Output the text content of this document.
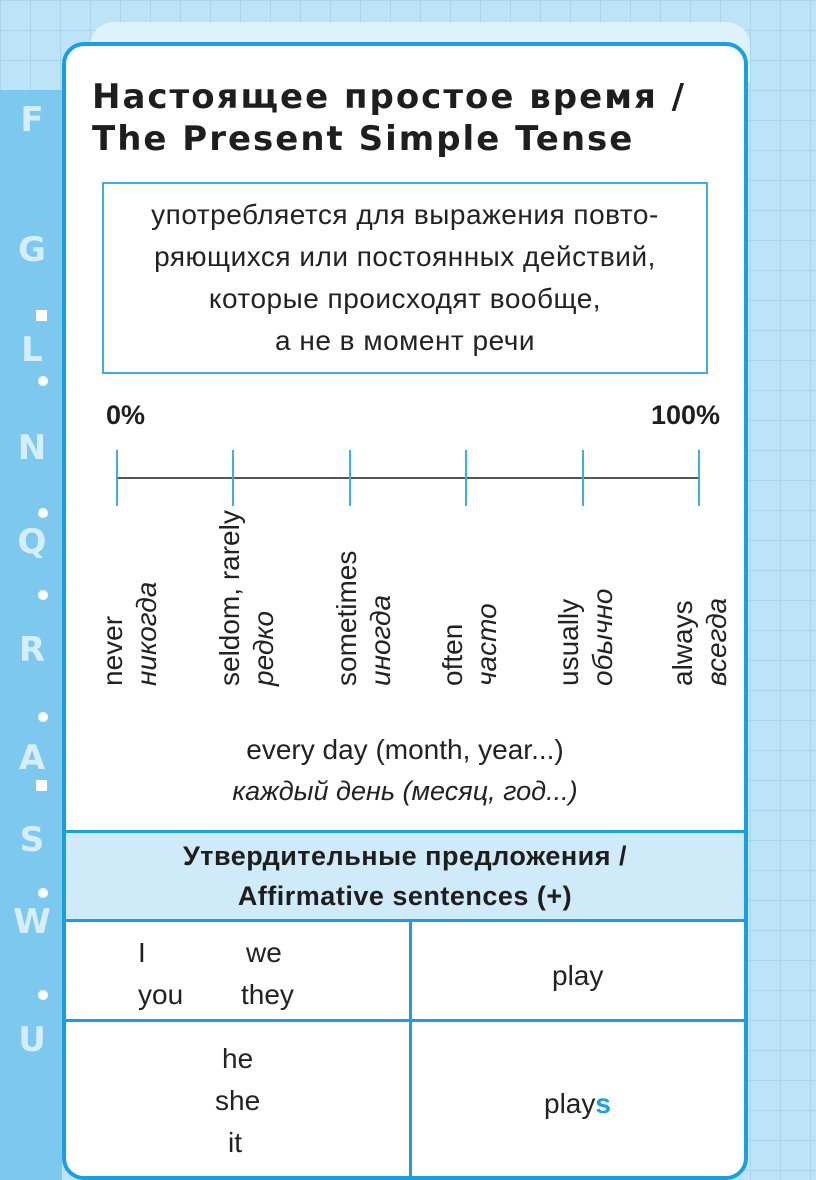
F
G
L
N
Q
R
A
S
W
U
Настоящее простое время /
The Present Simple Tense
употребляется для выражения повто-
ряющихся или постоянных действий,
которые происходят вообще,
а не в момент речи
0%	100%
never никогда seldom, rarely редко sometimes иногда often часто usually обычно always всегда
every day (month, year...)
каждый день (месяц, год...)
Утвердительные предложения /
Affirmative sentences (+)
I	we
you they
play
he
she
it
plays
